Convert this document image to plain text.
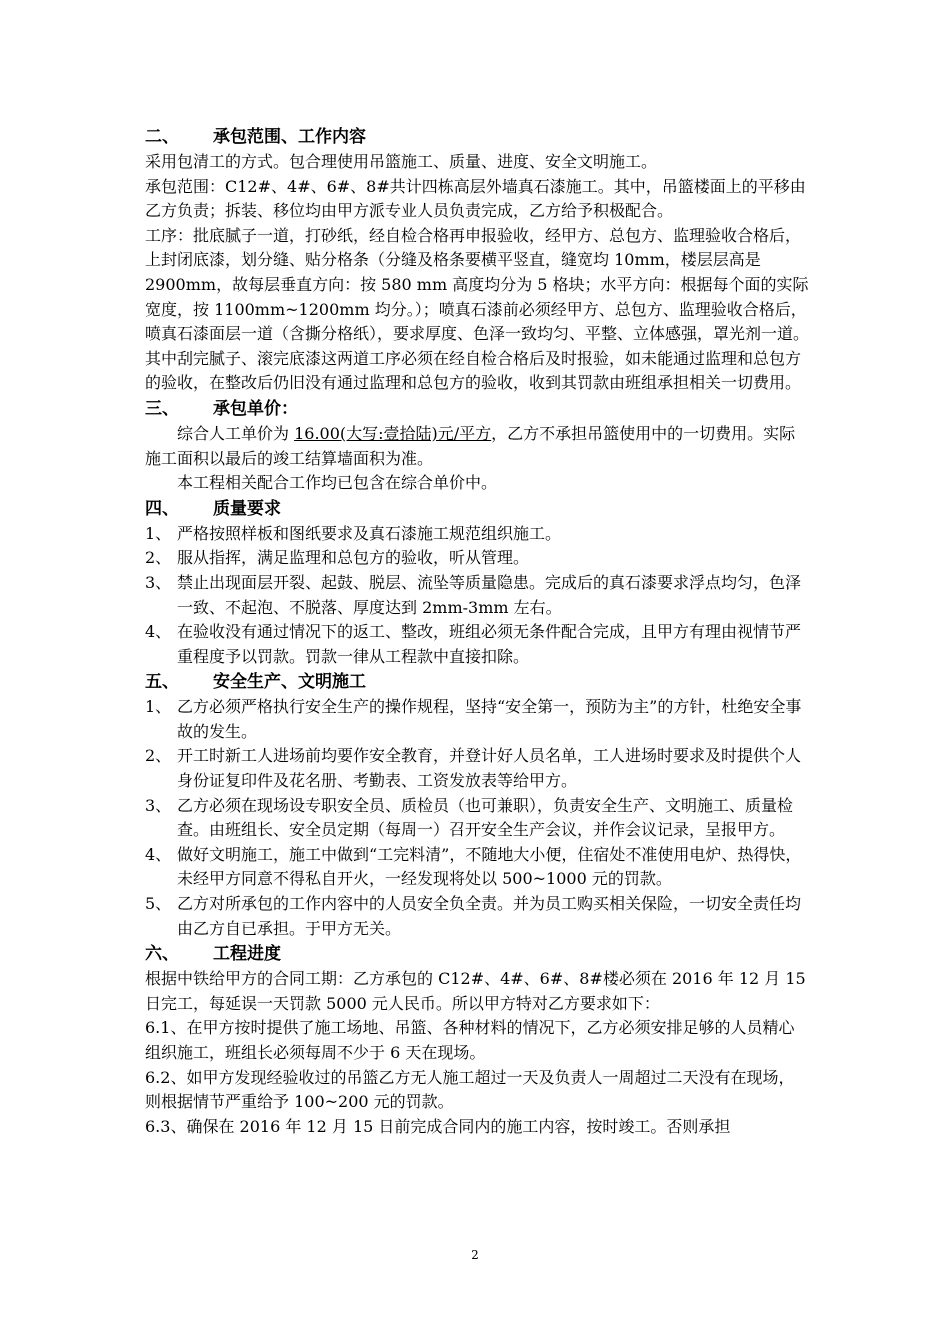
二、 承包范围、工作内容

采用包清工的方式。包合理使用吊篮施工、质量、进度、安全文明施工。

承包范围：C12#、4#、6#、8#共计四栋高层外墙真石漆施工。其中，吊篮楼面上的平移由乙方负责；拆装、移位均由甲方派专业人员负责完成，乙方给予积极配合。

工序：批底腻子一道，打砂纸，经自检合格再申报验收，经甲方、总包方、监理验收合格后，上封闭底漆，划分缝、贴分格条（分缝及格条要横平竖直，缝宽均 10mm，楼层层高是 2900mm，故每层垂直方向：按 580 mm 高度均分为 5 格块；水平方向：根据每个面的实际宽度，按 1100mm~1200mm 均分。）；喷真石漆前必须经甲方、总包方、监理验收合格后，喷真石漆面层一道（含撕分格纸），要求厚度、色泽一致均匀、平整、立体感强，罩光剂一道。其中刮完腻子、滚完底漆这两道工序必须在经自检合格后及时报验，如未能通过监理和总包方的验收，在整改后仍旧没有通过监理和总包方的验收，收到其罚款由班组承担相关一切费用。

三、 承包单价：

综合人工单价为 16.00(大写:壹拾陆)元/平方，乙方不承担吊篮使用中的一切费用。实际施工面积以最后的竣工结算墙面积为准。

本工程相关配合工作均已包含在综合单价中。

四、 质量要求
1、 严格按照样板和图纸要求及真石漆施工规范组织施工。
2、 服从指挥，满足监理和总包方的验收，听从管理。
3、 禁止出现面层开裂、起鼓、脱层、流坠等质量隐患。完成后的真石漆要求浮点均匀，色泽一致、不起泡、不脱落、厚度达到 2mm-3mm 左右。
4、 在验收没有通过情况下的返工、整改，班组必须无条件配合完成，且甲方有理由视情节严重程度予以罚款。罚款一律从工程款中直接扣除。
五、 安全生产、文明施工
1、 乙方必须严格执行安全生产的操作规程，坚持“安全第一，预防为主”的方针，杜绝安全事故的发生。
2、 开工时新工人进场前均要作安全教育，并登计好人员名单，工人进场时要求及时提供个人身份证复印件及花名册、考勤表、工资发放表等给甲方。
3、 乙方必须在现场设专职安全员、质检员（也可兼职），负责安全生产、文明施工、质量检查。由班组长、安全员定期（每周一）召开安全生产会议，并作会议记录，呈报甲方。
4、 做好文明施工，施工中做到“工完料清”，不随地大小便，住宿处不准使用电炉、热得快，未经甲方同意不得私自开火，一经发现将处以 500~1000 元的罚款。
5、 乙方对所承包的工作内容中的人员安全负全责。并为员工购买相关保险，一切安全责任均由乙方自已承担。于甲方无关。
六、 工程进度

根据中铁给甲方的合同工期：乙方承包的 C12#、4#、6#、8#楼必须在 2016 年 12 月 15 日完工，每延误一天罚款 5000 元人民币。所以甲方特对乙方要求如下：

6.1、在甲方按时提供了施工场地、吊篮、各种材料的情况下，乙方必须安排足够的人员精心组织施工，班组长必须每周不少于 6 天在现场。

6.2、如甲方发现经验收过的吊篮乙方无人施工超过一天及负责人一周超过二天没有在现场，则根据情节严重给予 100~200 元的罚款。

6.3、确保在 2016 年 12 月 15 日前完成合同内的施工内容，按时竣工。否则承担

2
